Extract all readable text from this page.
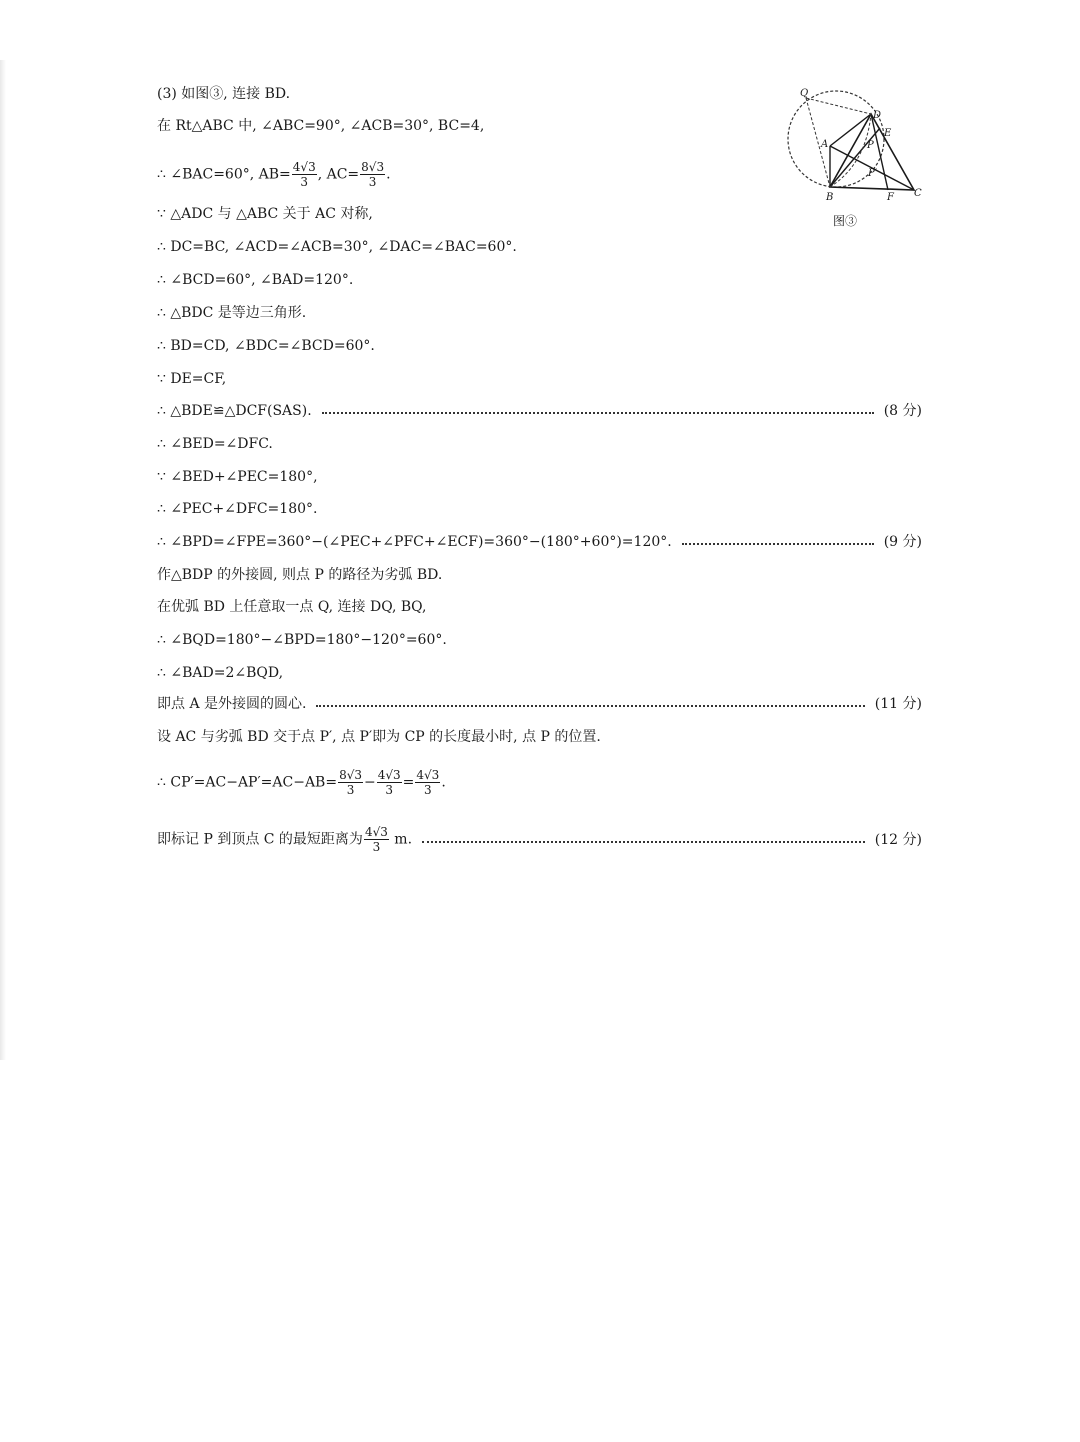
(3) 如图③, 连接 BD.
在 Rt△ABC 中, ∠ABC=90°, ∠ACB=30°, BC=4,
∴ ∠BAC=60°, $AB= \frac{4√3}{3}$ , $AC= \frac{8√3}{3}$ .
∵ △ADC 与 △ABC 关于 AC 对称,
∴ DC=BC, ∠ACD=∠ACB=30°, ∠DAC=∠BAC=60°.
∴ ∠BCD=60°, ∠BAD=120°.
∴ △BDC 是等边三角形.
∴ BD=CD, ∠BDC=∠BCD=60°.
∵ DE=CF,
∴ △BDE≌△DCF(SAS).	(8 分)
∴ ∠BED=∠DFC.
∵ ∠BED+∠PEC=180°,
∴ ∠PEC+∠DFC=180°.
∴ ∠BPD=∠FPE=360°−(∠PEC+∠PFC+∠ECF)=360°−(180°+60°)=120°.	(9 分)
作△BDP 的外接圆, 则点 P 的路径为劣弧 BD.
在优弧 BD 上任意取一点 Q, 连接 DQ, BQ,
∴ ∠BQD=180°−∠BPD=180°−120°=60°.
∴ ∠BAD=2∠BQD,
即点 A 是外接圆的圆心.	(11 分)
设 AC 与劣弧 BD 交于点 P′, 点 P′即为 CP 的长度最小时, 点 P 的位置.
∴ $CP'=AC-AP'=AC-AB= \frac{8√3}{3} - \frac{4√3}{3} = \frac{4√3}{3}$ .
即标记 P 到顶点 C 的最短距离为 $\frac{4√3}{3} m$.	(12 分)
Q
D
E
A	P
P′
B	F C
图③
